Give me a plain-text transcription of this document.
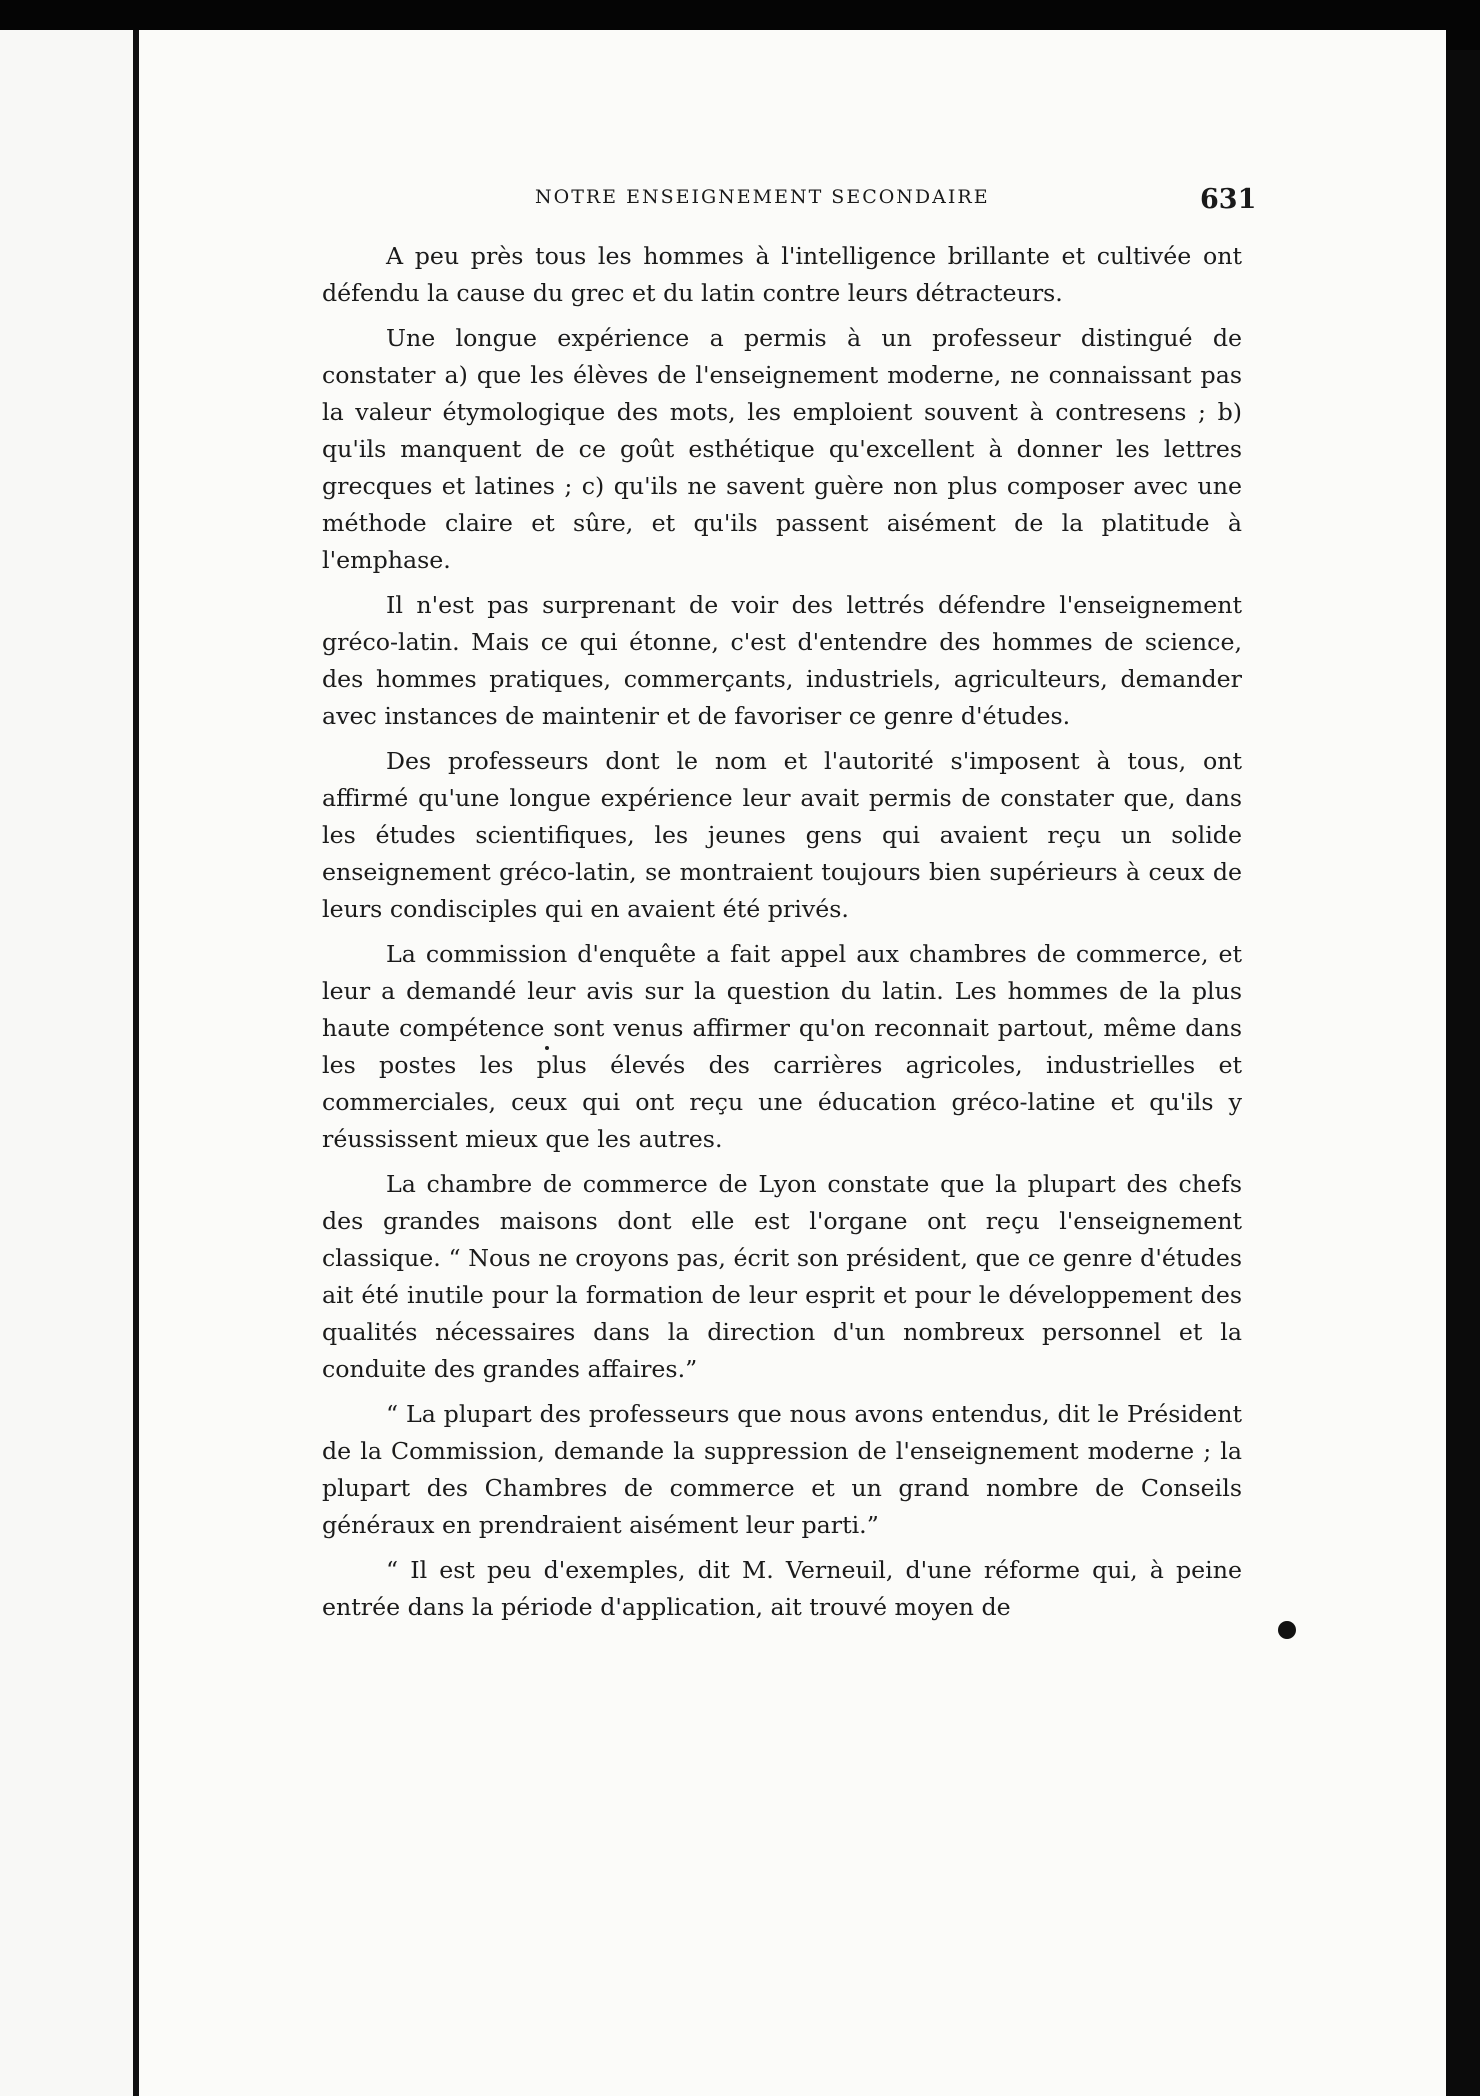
NOTRE ENSEIGNEMENT SECONDAIRE	631

A peu près tous les hommes à l'intelligence brillante et cultivée ont défendu la cause du grec et du latin contre leurs détracteurs.

Une longue expérience a permis à un professeur distingué de constater a) que les élèves de l'enseignement moderne, ne connaissant pas la valeur étymologique des mots, les emploient souvent à contresens ; b) qu'ils manquent de ce goût esthétique qu'excellent à donner les lettres grecques et latines ; c) qu'ils ne savent guère non plus composer avec une méthode claire et sûre, et qu'ils passent aisément de la platitude à l'emphase.

Il n'est pas surprenant de voir des lettrés défendre l'enseignement gréco-latin. Mais ce qui étonne, c'est d'entendre des hommes de science, des hommes pratiques, commerçants, industriels, agriculteurs, demander avec instances de maintenir et de favoriser ce genre d'études.

Des professeurs dont le nom et l'autorité s'imposent à tous, ont affirmé qu'une longue expérience leur avait permis de constater que, dans les études scientifiques, les jeunes gens qui avaient reçu un solide enseignement gréco-latin, se montraient toujours bien supérieurs à ceux de leurs condisciples qui en avaient été privés.

La commission d'enquête a fait appel aux chambres de commerce, et leur a demandé leur avis sur la question du latin. Les hommes de la plus haute compétence sont venus affirmer qu'on reconnait partout, même dans les postes les plus élevés des carrières agricoles, industrielles et commerciales, ceux qui ont reçu une éducation gréco-latine et qu'ils y réussissent mieux que les autres.

La chambre de commerce de Lyon constate que la plupart des chefs des grandes maisons dont elle est l'organe ont reçu l'enseignement classique. “ Nous ne croyons pas, écrit son président, que ce genre d'études ait été inutile pour la formation de leur esprit et pour le développement des qualités nécessaires dans la direction d'un nombreux personnel et la conduite des grandes affaires.”

“ La plupart des professeurs que nous avons entendus, dit le Président de la Commission, demande la suppression de l'enseignement moderne ; la plupart des Chambres de commerce et un grand nombre de Conseils généraux en prendraient aisément leur parti.”

“ Il est peu d'exemples, dit M. Verneuil, d'une réforme qui, à peine entrée dans la période d'application, ait trouvé moyen de
